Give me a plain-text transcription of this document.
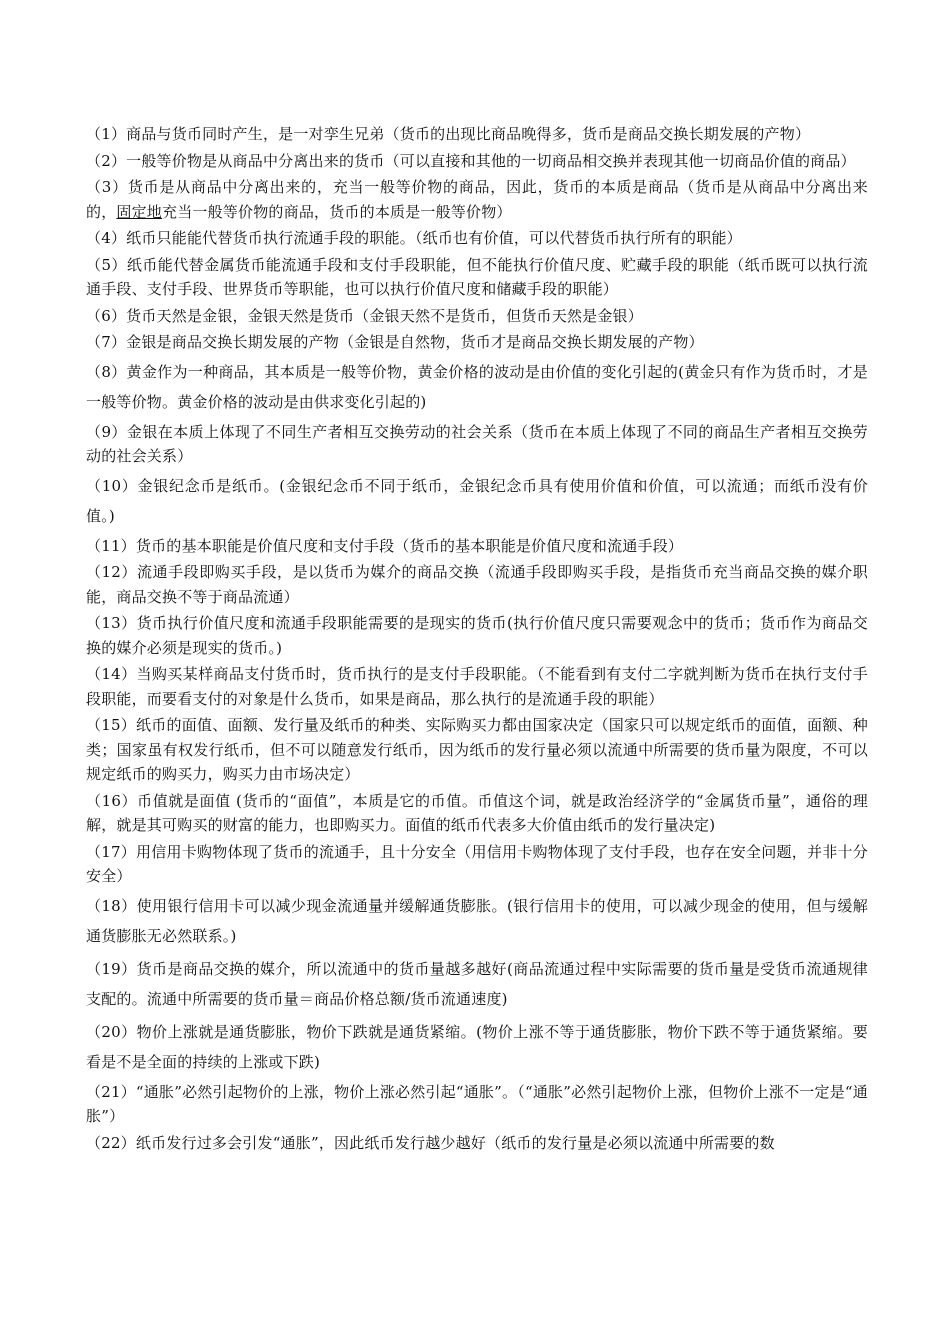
（1）商品与货币同时产生，是一对孪生兄弟（货币的出现比商品晚得多，货币是商品交换长期发展的产物）

（2）一般等价物是从商品中分离出来的货币（可以直接和其他的一切商品相交换并表现其他一切商品价值的商品）

（3）货币是从商品中分离出来的，充当一般等价物的商品，因此，货币的本质是商品（货币是从商品中分离出来的，固定地充当一般等价物的商品，货币的本质是一般等价物）

（4）纸币只能能代替货币执行流通手段的职能。（纸币也有价值，可以代替货币执行所有的职能）

（5）纸币能代替金属货币能流通手段和支付手段职能，但不能执行价值尺度、贮藏手段的职能（纸币既可以执行流通手段、支付手段、世界货币等职能，也可以执行价值尺度和储藏手段的职能）

（6）货币天然是金银，金银天然是货币（金银天然不是货币，但货币天然是金银）

（7）金银是商品交换长期发展的产物（金银是自然物，货币才是商品交换长期发展的产物）

（8）黄金作为一种商品，其本质是一般等价物，黄金价格的波动是由价值的变化引起的(黄金只有作为货币时，才是一般等价物。黄金价格的波动是由供求变化引起的)

（9）金银在本质上体现了不同生产者相互交换劳动的社会关系（货币在本质上体现了不同的商品生产者相互交换劳动的社会关系）

（10）金银纪念币是纸币。(金银纪念币不同于纸币，金银纪念币具有使用价值和价值，可以流通；而纸币没有价值。)

（11）货币的基本职能是价值尺度和支付手段（货币的基本职能是价值尺度和流通手段）

（12）流通手段即购买手段，是以货币为媒介的商品交换（流通手段即购买手段，是指货币充当商品交换的媒介职能，商品交换不等于商品流通）

（13）货币执行价值尺度和流通手段职能需要的是现实的货币(执行价值尺度只需要观念中的货币；货币作为商品交换的媒介必须是现实的货币。)

（14）当购买某样商品支付货币时，货币执行的是支付手段职能。（不能看到有支付二字就判断为货币在执行支付手段职能，而要看支付的对象是什么货币，如果是商品，那么执行的是流通手段的职能）

（15）纸币的面值、面额、发行量及纸币的种类、实际购买力都由国家决定（国家只可以规定纸币的面值，面额、种类；国家虽有权发行纸币，但不可以随意发行纸币，因为纸币的发行量必须以流通中所需要的货币量为限度，不可以规定纸币的购买力，购买力由市场决定）

（16）币值就是面值 (货币的“面值”，本质是它的币值。币值这个词，就是政治经济学的“金属货币量”，通俗的理解，就是其可购买的财富的能力，也即购买力。面值的纸币代表多大价值由纸币的发行量决定)

（17）用信用卡购物体现了货币的流通手，且十分安全（用信用卡购物体现了支付手段，也存在安全问题，并非十分安全）

（18）使用银行信用卡可以减少现金流通量并缓解通货膨胀。(银行信用卡的使用，可以减少现金的使用，但与缓解通货膨胀无必然联系。)

（19）货币是商品交换的媒介，所以流通中的货币量越多越好(商品流通过程中实际需要的货币量是受货币流通规律支配的。流通中所需要的货币量＝商品价格总额/货币流通速度)

（20）物价上涨就是通货膨胀，物价下跌就是通货紧缩。(物价上涨不等于通货膨胀，物价下跌不等于通货紧缩。要看是不是全面的持续的上涨或下跌)

（21）“通胀”必然引起物价的上涨，物价上涨必然引起“通胀”。（“通胀”必然引起物价上涨，但物价上涨不一定是“通胀”）

（22）纸币发行过多会引发“通胀”，因此纸币发行越少越好（纸币的发行量是必须以流通中所需要的数
